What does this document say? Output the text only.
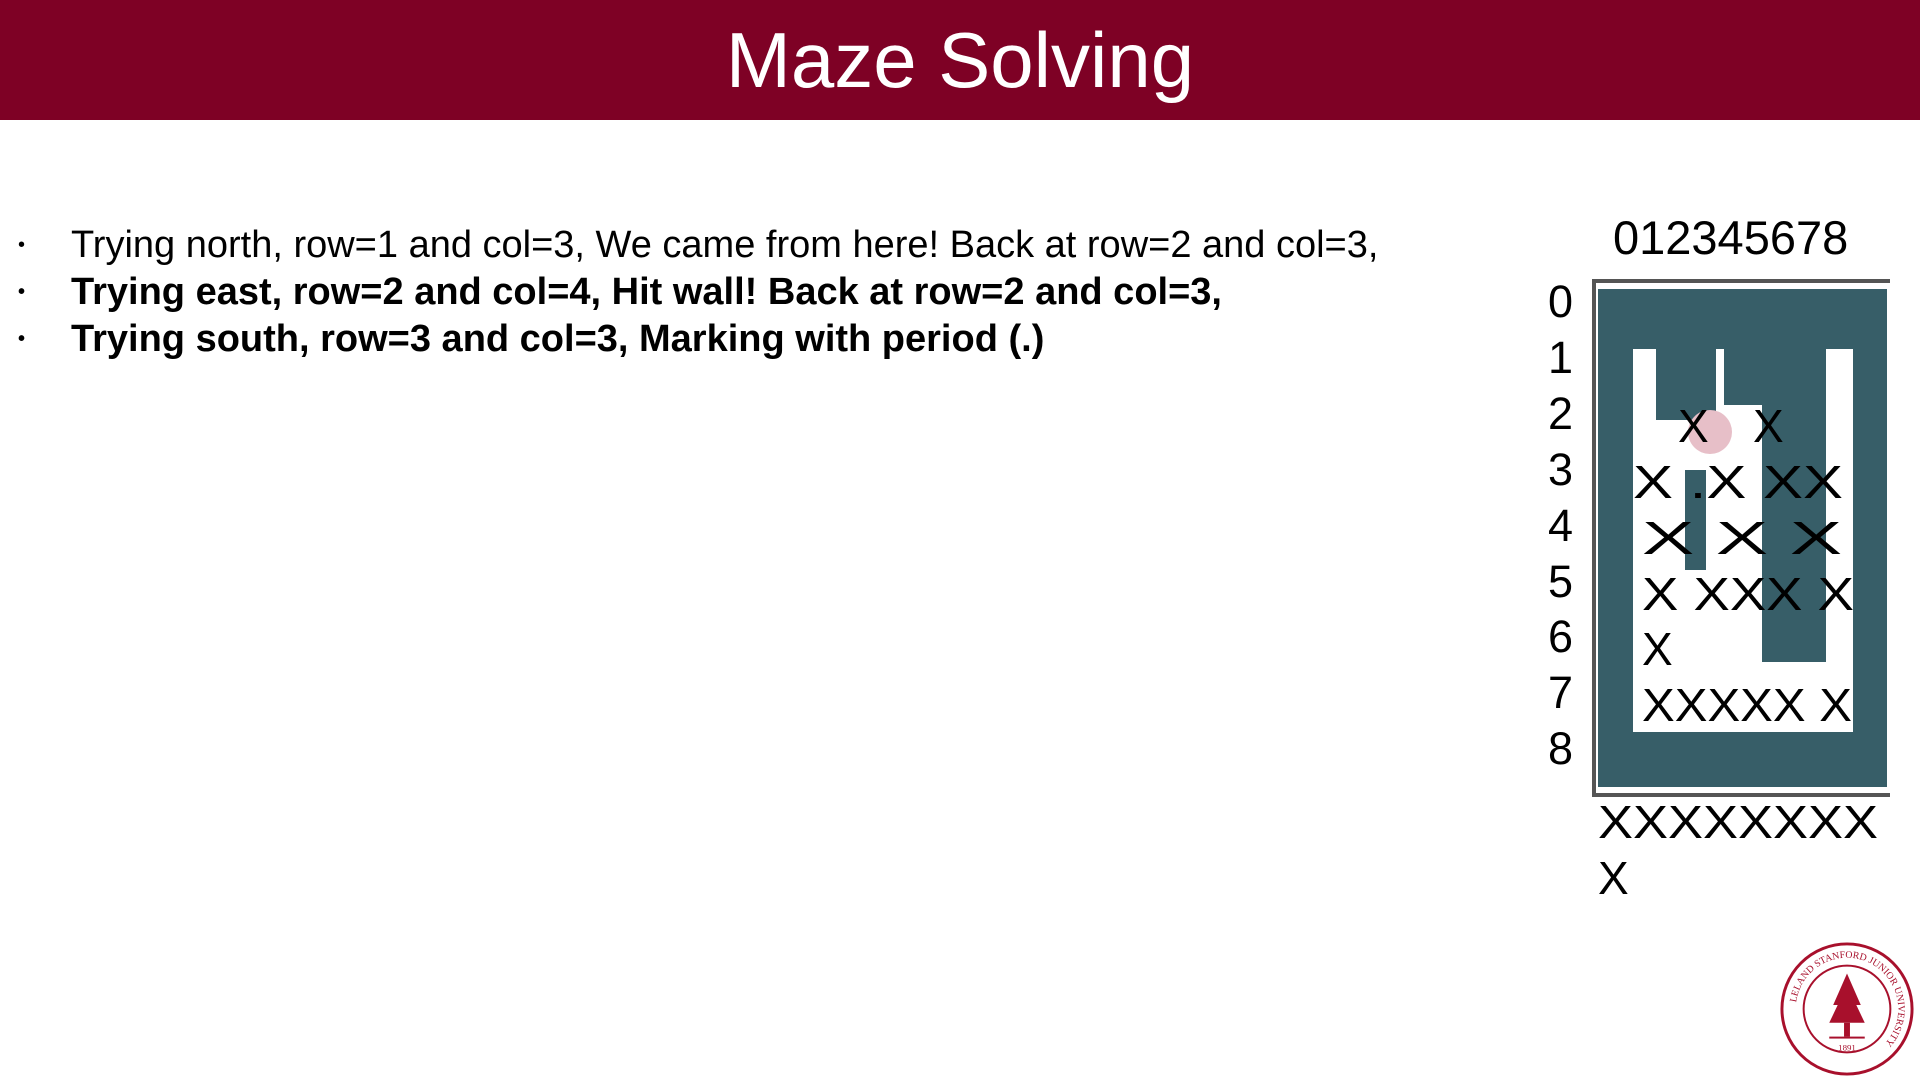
Maze Solving
• Trying north, row=1 and col=3, We came from here! Back at row=2 and col=3,
• Trying east, row=2 and col=4, Hit wall! Back at row=2 and col=3,
• Trying south, row=3 and col=3, Marking with period (.)
012345678
0
1
2
3
4
5
6
7
8
X X
X .X XX
X X X
X XXX X
X
XXXXX X
XXXXXXXX
X
LELAND STANFORD JUNIOR UNIVERSITY
1891
